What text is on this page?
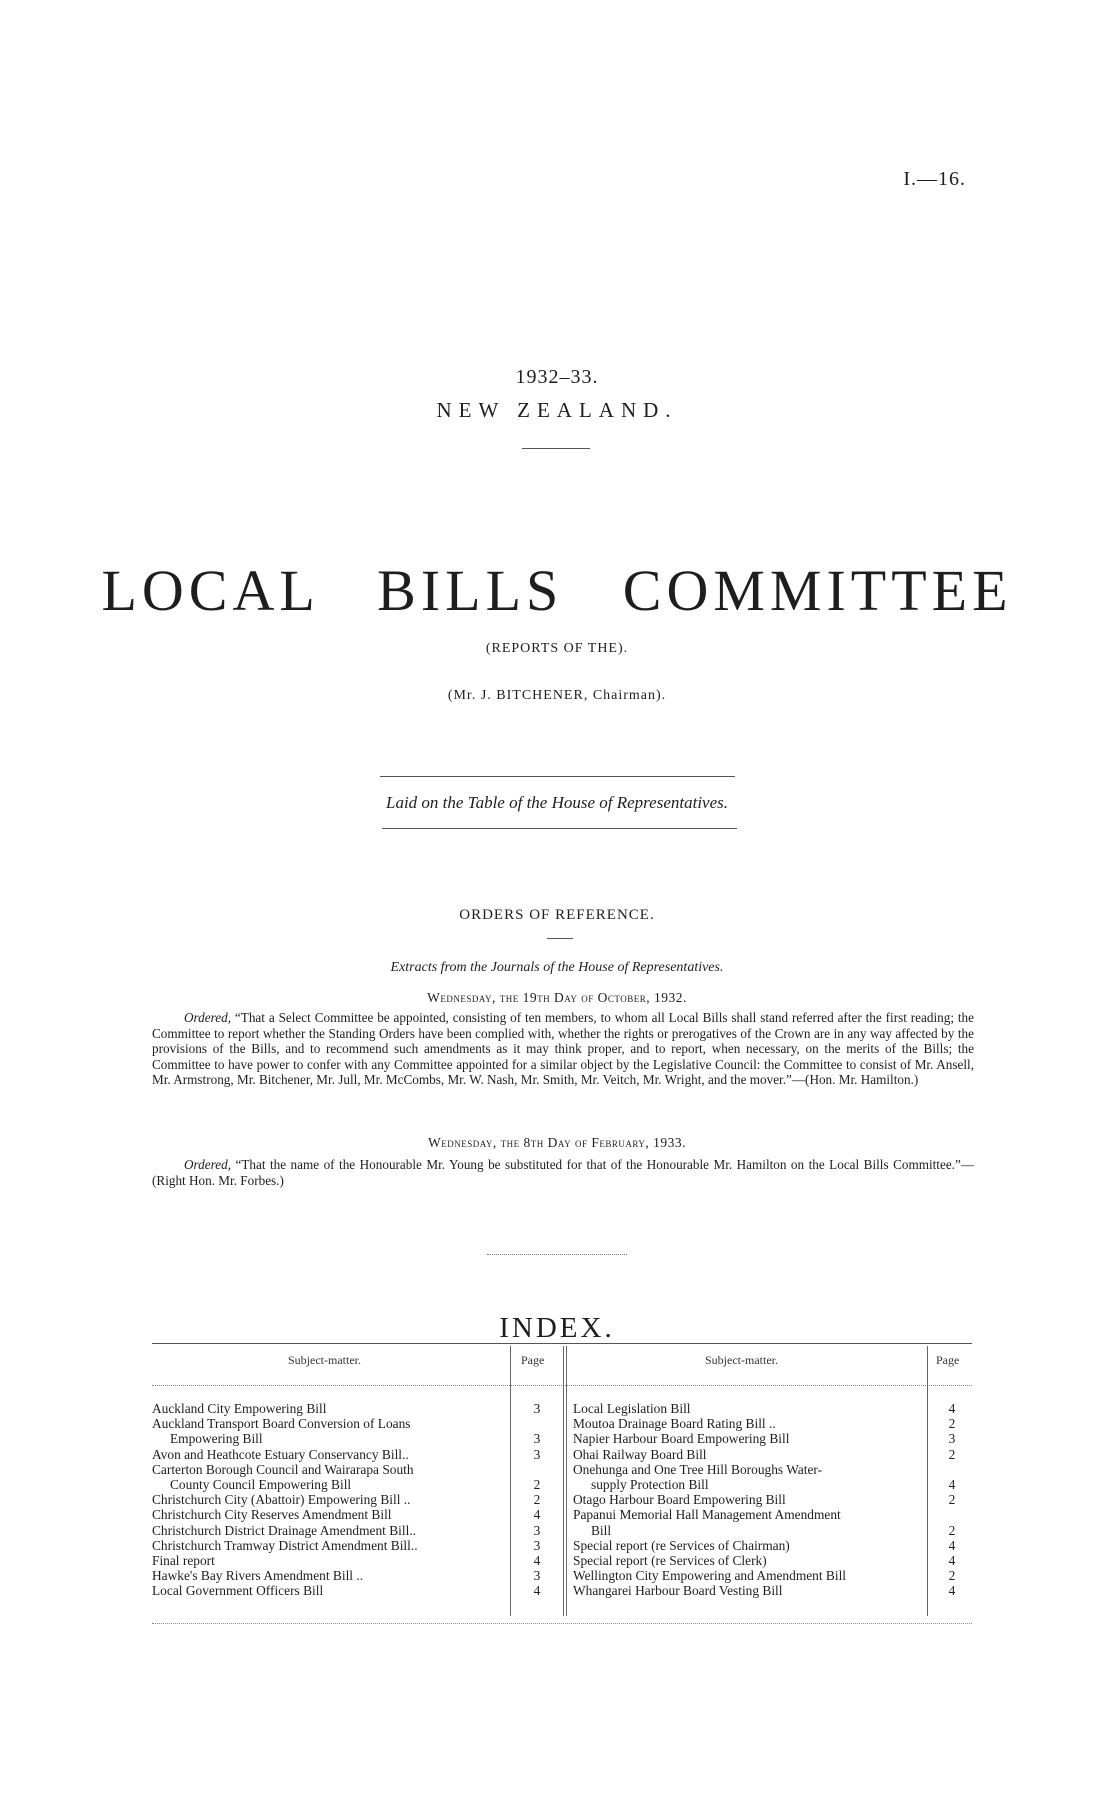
I.—16.
1932–33.
NEW ZEALAND.
LOCAL BILLS COMMITTEE
(REPORTS OF THE).
(Mr. J. BITCHENER, Chairman).
Laid on the Table of the House of Representatives.
ORDERS OF REFERENCE.
Extracts from the Journals of the House of Representatives.
Wednesday, the 19th Day of October, 1932.
Ordered, “That a Select Committee be appointed, consisting of ten members, to whom all Local Bills shall stand referred after the first reading; the Committee to report whether the Standing Orders have been complied with, whether the rights or prerogatives of the Crown are in any way affected by the provisions of the Bills, and to recommend such amendments as it may think proper, and to report, when necessary, on the merits of the Bills; the Committee to have power to confer with any Committee appointed for a similar object by the Legislative Council: the Committee to consist of Mr. Ansell, Mr. Armstrong, Mr. Bitchener, Mr. Jull, Mr. McCombs, Mr. W. Nash, Mr. Smith, Mr. Veitch, Mr. Wright, and the mover.”—(Hon. Mr. Hamilton.)
Wednesday, the 8th Day of February, 1933.
Ordered, “That the name of the Honourable Mr. Young be substituted for that of the Honourable Mr. Hamilton on the Local Bills Committee.”—(Right Hon. Mr. Forbes.)
INDEX.
Subject-matter.	Page	Subject-matter.	Page
Auckland City Empowering Bill	3
Auckland Transport Board Conversion of Loans
Empowering Bill	3
Avon and Heathcote Estuary Conservancy Bill..	3
Carterton Borough Council and Wairarapa South
County Council Empowering Bill	2
Christchurch City (Abattoir) Empowering Bill ..	2
Christchurch City Reserves Amendment Bill	4
Christchurch District Drainage Amendment Bill..	3
Christchurch Tramway District Amendment Bill..	3
Final report	4
Hawke's Bay Rivers Amendment Bill ..	3
Local Government Officers Bill	4
Local Legislation Bill	4
Moutoa Drainage Board Rating Bill ..	2
Napier Harbour Board Empowering Bill	3
Ohai Railway Board Bill	2
Onehunga and One Tree Hill Boroughs Water-
supply Protection Bill	4
Otago Harbour Board Empowering Bill	2
Papanui Memorial Hall Management Amendment
Bill	2
Special report (re Services of Chairman)	4
Special report (re Services of Clerk)	4
Wellington City Empowering and Amendment Bill	2
Whangarei Harbour Board Vesting Bill	4
